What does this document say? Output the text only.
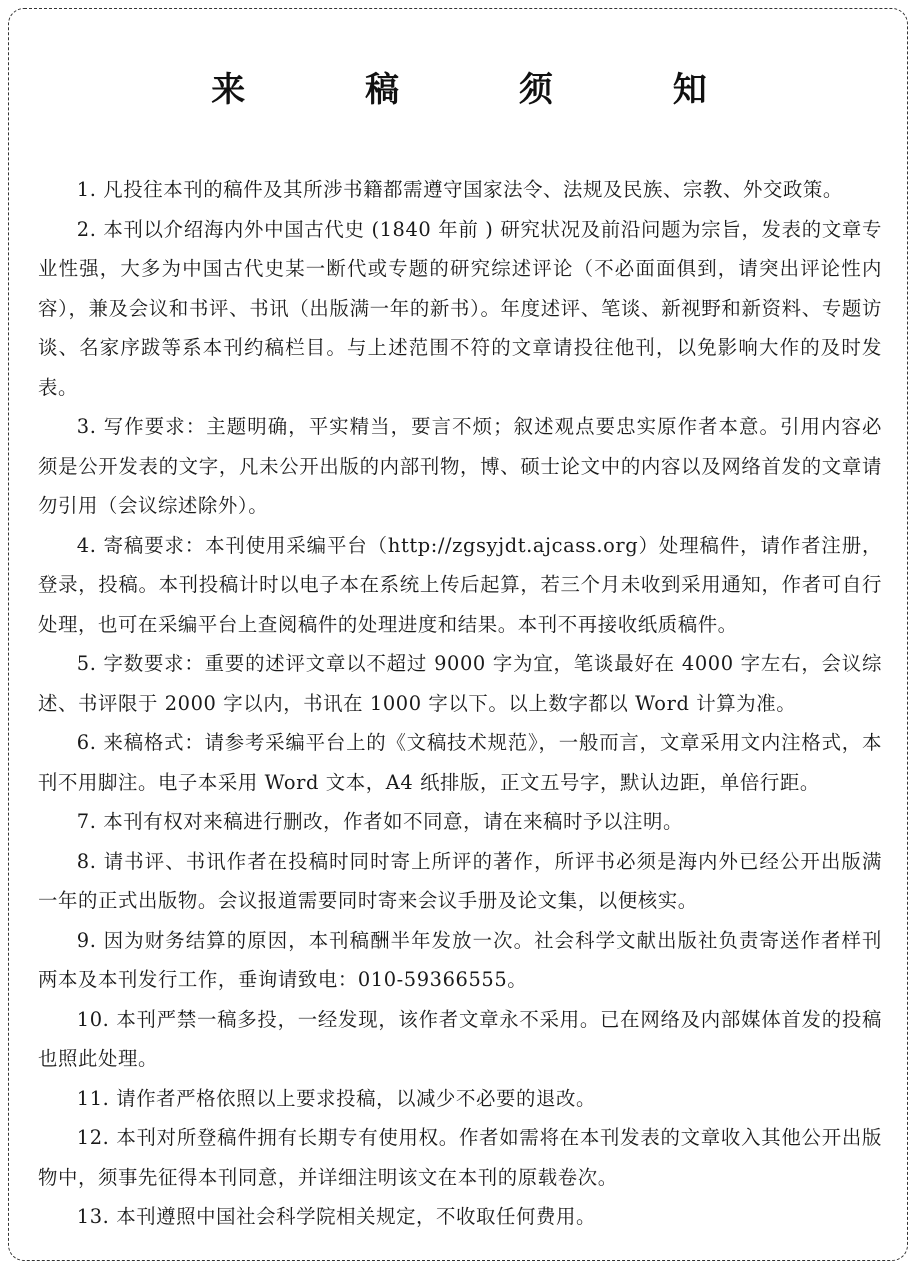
来 稿 须 知

1. 凡投往本刊的稿件及其所涉书籍都需遵守国家法令、法规及民族、宗教、外交政策。

2. 本刊以介绍海内外中国古代史 (1840 年前 ) 研究状况及前沿问题为宗旨，发表的文章专业性强，大多为中国古代史某一断代或专题的研究综述评论（不必面面俱到，请突出评论性内容），兼及会议和书评、书讯（出版满一年的新书）。年度述评、笔谈、新视野和新资料、专题访谈、名家序跋等系本刊约稿栏目。与上述范围不符的文章请投往他刊，以免影响大作的及时发表。

3. 写作要求：主题明确，平实精当，要言不烦；叙述观点要忠实原作者本意。引用内容必须是公开发表的文字，凡未公开出版的内部刊物，博、硕士论文中的内容以及网络首发的文章请勿引用（会议综述除外）。

4. 寄稿要求：本刊使用采编平台（http://zgsyjdt.ajcass.org）处理稿件，请作者注册，登录，投稿。本刊投稿计时以电子本在系统上传后起算，若三个月未收到采用通知，作者可自行处理，也可在采编平台上查阅稿件的处理进度和结果。本刊不再接收纸质稿件。

5. 字数要求：重要的述评文章以不超过 9000 字为宜，笔谈最好在 4000 字左右，会议综述、书评限于 2000 字以内，书讯在 1000 字以下。以上数字都以 Word 计算为准。

6. 来稿格式：请参考采编平台上的《文稿技术规范》，一般而言，文章采用文内注格式，本刊不用脚注。电子本采用 Word 文本，A4 纸排版，正文五号字，默认边距，单倍行距。

7. 本刊有权对来稿进行删改，作者如不同意，请在来稿时予以注明。

8. 请书评、书讯作者在投稿时同时寄上所评的著作，所评书必须是海内外已经公开出版满一年的正式出版物。会议报道需要同时寄来会议手册及论文集，以便核实。

9. 因为财务结算的原因，本刊稿酬半年发放一次。社会科学文献出版社负责寄送作者样刊两本及本刊发行工作，垂询请致电：010-59366555。

10. 本刊严禁一稿多投，一经发现，该作者文章永不采用。已在网络及内部媒体首发的投稿也照此处理。

11. 请作者严格依照以上要求投稿，以减少不必要的退改。

12. 本刊对所登稿件拥有长期专有使用权。作者如需将在本刊发表的文章收入其他公开出版物中，须事先征得本刊同意，并详细注明该文在本刊的原载卷次。

13. 本刊遵照中国社会科学院相关规定，不收取任何费用。
